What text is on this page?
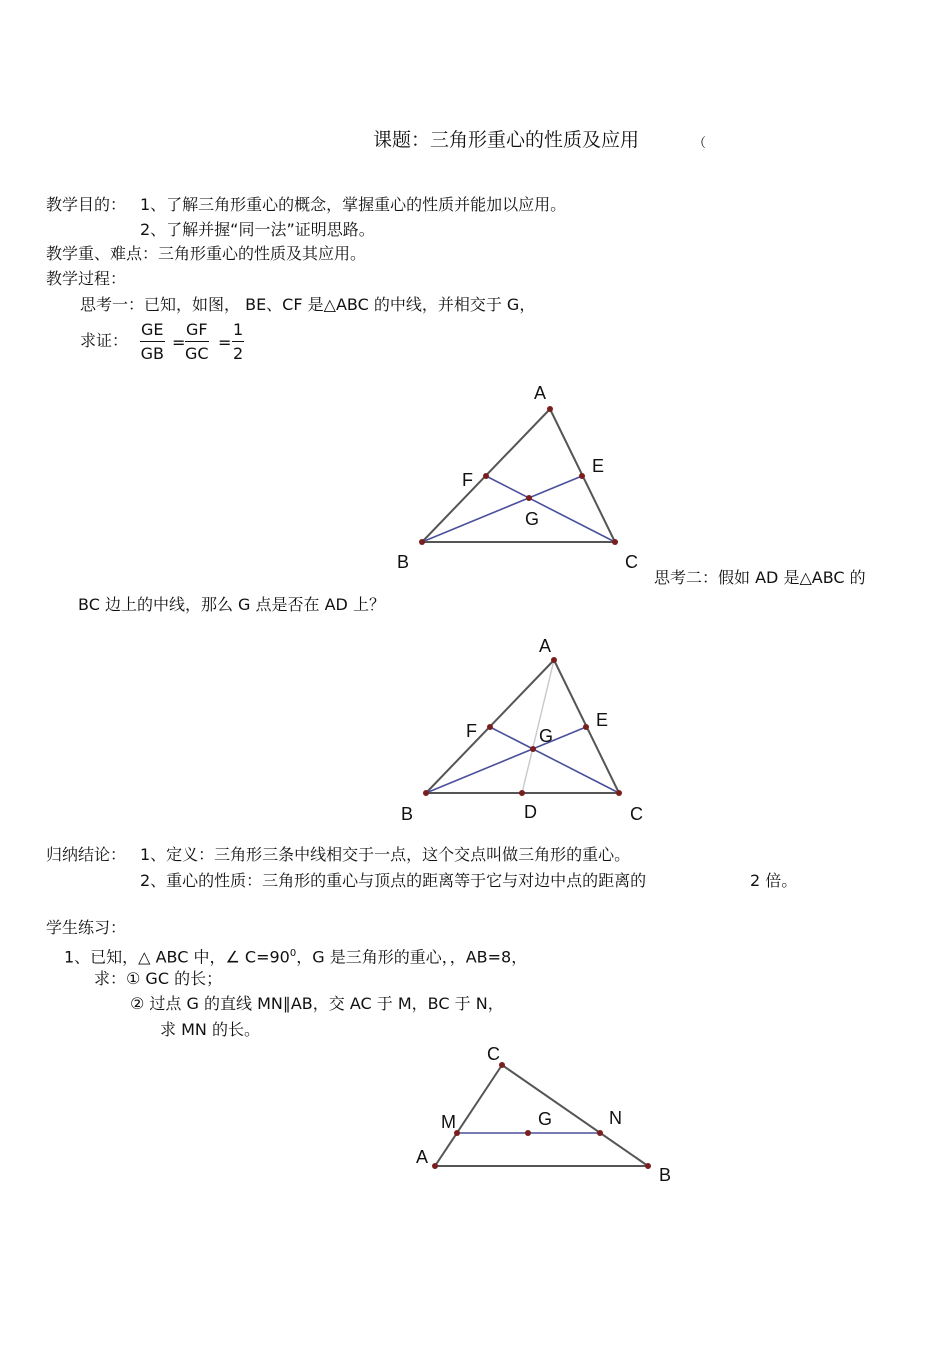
课题：三角形重心的性质及应用	（
教学目的： 1、了解三角形重心的概念，掌握重心的性质并能加以应用。
2、了解并握“同一法”证明思路。
教学重、难点：三角形重心的性质及其应用。
教学过程：
思考一：已知，如图， BE、CF 是△ABC 的中线，并相交于 G，
求证： $\frac{GE}{GB} = \frac{GF}{GC} = \frac{1}{2}$
A
B	C
E
F
G
思考二：假如 AD 是△ABC 的
BC 边上的中线，那么 G 点是否在 AD 上？
A
B	C
D
E
F	G
归纳结论： 1、定义：三角形三条中线相交于一点，这个交点叫做三角形的重心。
2、重心的性质：三角形的重心与顶点的距离等于它与对边中点的距离的	2 倍。
学生练习：
1、已知，△ ABC 中，∠ $C=90^0$，G 是三角形的重心，，AB=8，
求：① GC 的长；
② 过点 G 的直线 MN∥AB，交 AC 于 M，BC 于 N，
求 MN 的长。
A
B
C
G
M	N
